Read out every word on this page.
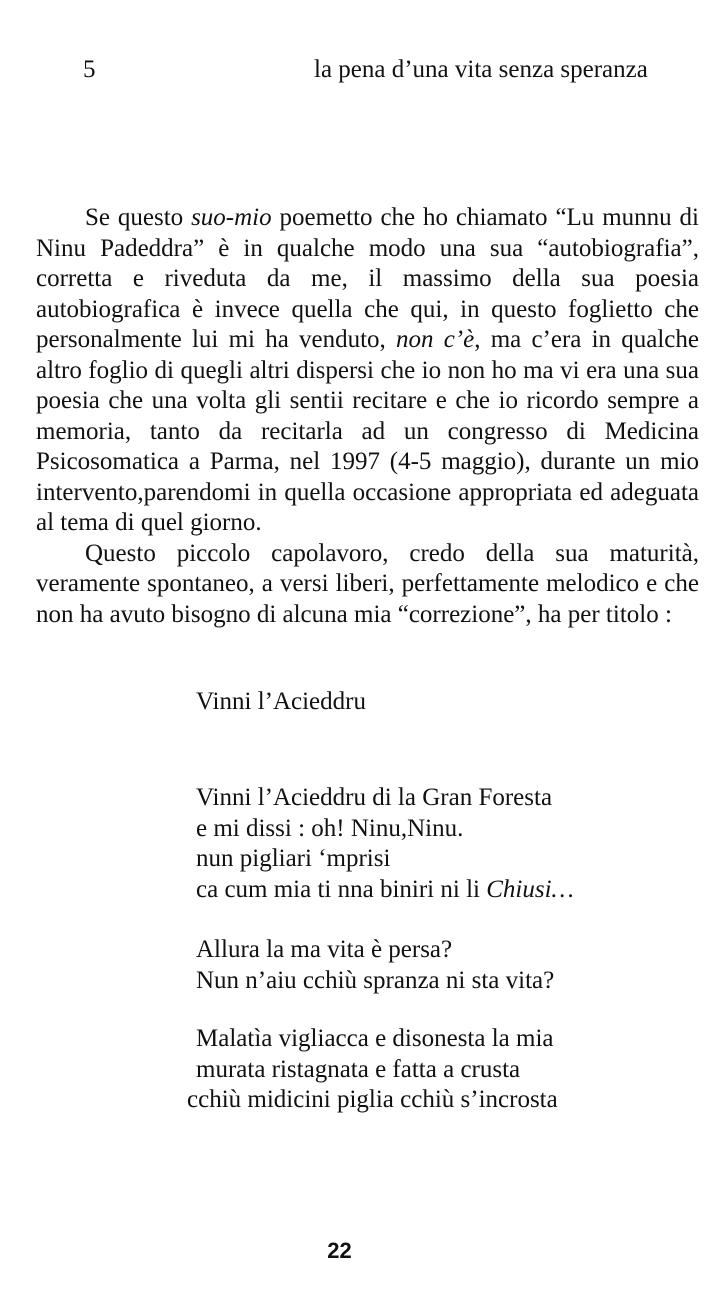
5	la pena d’una vita senza speranza

Se questo suo-mio poemetto che ho chiamato “Lu munnu di Ninu Padeddra” è in qualche modo una sua “autobiografia”, corretta e riveduta da me, il massimo della sua poesia autobiografica è invece quella che qui, in questo foglietto che personalmente lui mi ha venduto, non c’è, ma c’era in qualche altro foglio di quegli altri dispersi che io non ho ma vi era una sua poesia che una volta gli sentii recitare e che io ricordo sempre a memoria, tanto da recitarla ad un congresso di Medicina Psicosomatica a Parma, nel 1997 (4-5 maggio), durante un mio intervento,parendomi in quella occasione appropriata ed adeguata al tema di quel giorno.

Questo piccolo capolavoro, credo della sua maturità, veramente spontaneo, a versi liberi, perfettamente melodico e che non ha avuto bisogno di alcuna mia “correzione”, ha per titolo :

Vinni l’Acieddru
Vinni l’Acieddru di la Gran Foresta
e mi dissi : oh! Ninu,Ninu.
nun pigliari ‘mprisi
ca cum mia ti nna biniri ni li Chiusi…
Allura la ma vita è persa?
Nun n’aiu cchiù spranza ni sta vita?
Malatìa vigliacca e disonesta la mia
murata ristagnata e fatta a crusta
cchiù midicini piglia cchiù s’incrosta
22
